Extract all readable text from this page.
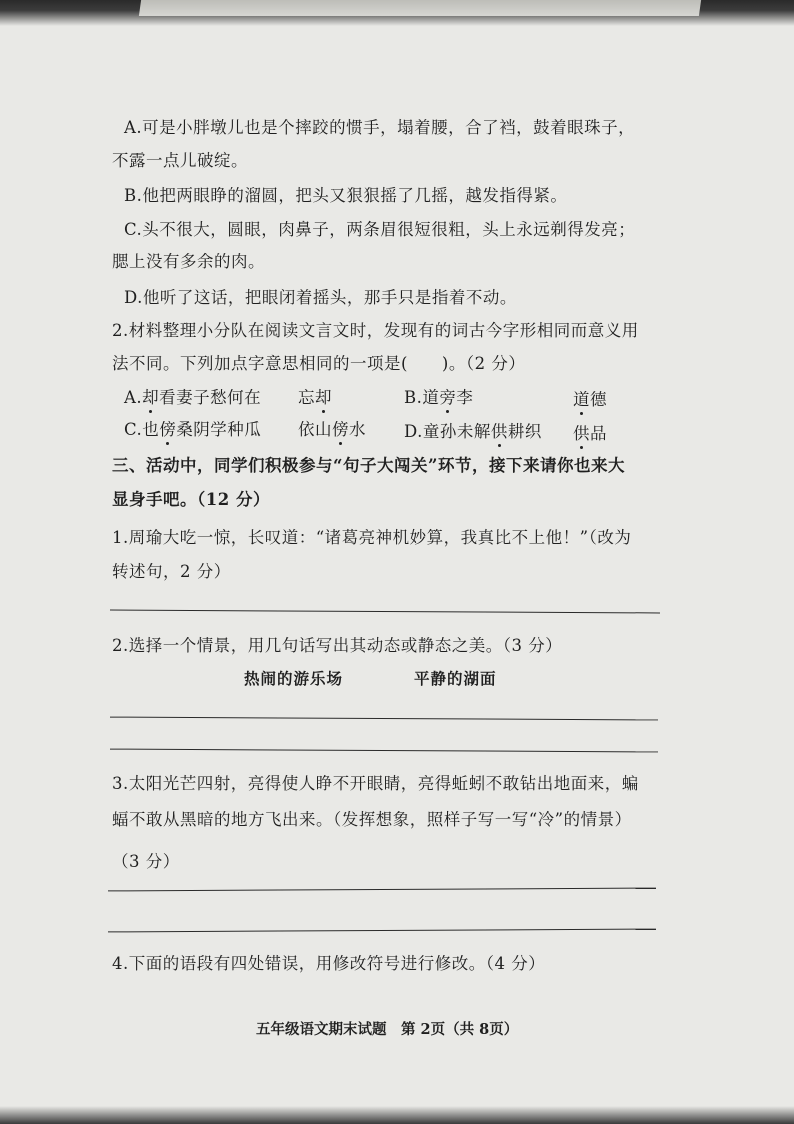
A.可是小胖墩儿也是个摔跤的惯手，塌着腰，合了裆，鼓着眼珠子，
不露一点儿破绽。
B.他把两眼睁的溜圆，把头又狠狠摇了几摇，越发指得紧。
C.头不很大，圆眼，肉鼻子，两条眉很短很粗，头上永远剃得发亮；
腮上没有多余的肉。
D.他听了这话，把眼闭着摇头，那手只是指着不动。
2.材料整理小分队在阅读文言文时，发现有的词古今字形相同而意义用
法不同。下列加点字意思相同的一项是(　　)。（2 分）
A.却看妻子愁何在 忘却	B.道旁李	道德
C.也傍桑阴学种瓜 依山傍水 D.童孙未解供耕织 供品
三、活动中，同学们积极参与“句子大闯关”环节，接下来请你也来大
显身手吧。（12 分）
1.周瑜大吃一惊，长叹道：“诸葛亮神机妙算，我真比不上他！”（改为
转述句，2 分）
2.选择一个情景，用几句话写出其动态或静态之美。（3 分）
热闹的游乐场	平静的湖面
3.太阳光芒四射，亮得使人睁不开眼睛，亮得蚯蚓不敢钻出地面来，蝙
蝠不敢从黑暗的地方飞出来。（发挥想象，照样子写一写“冷”的情景）
（3 分）
4.下面的语段有四处错误，用修改符号进行修改。（4 分）
五年级语文期末试题　第 2页（共 8页）
